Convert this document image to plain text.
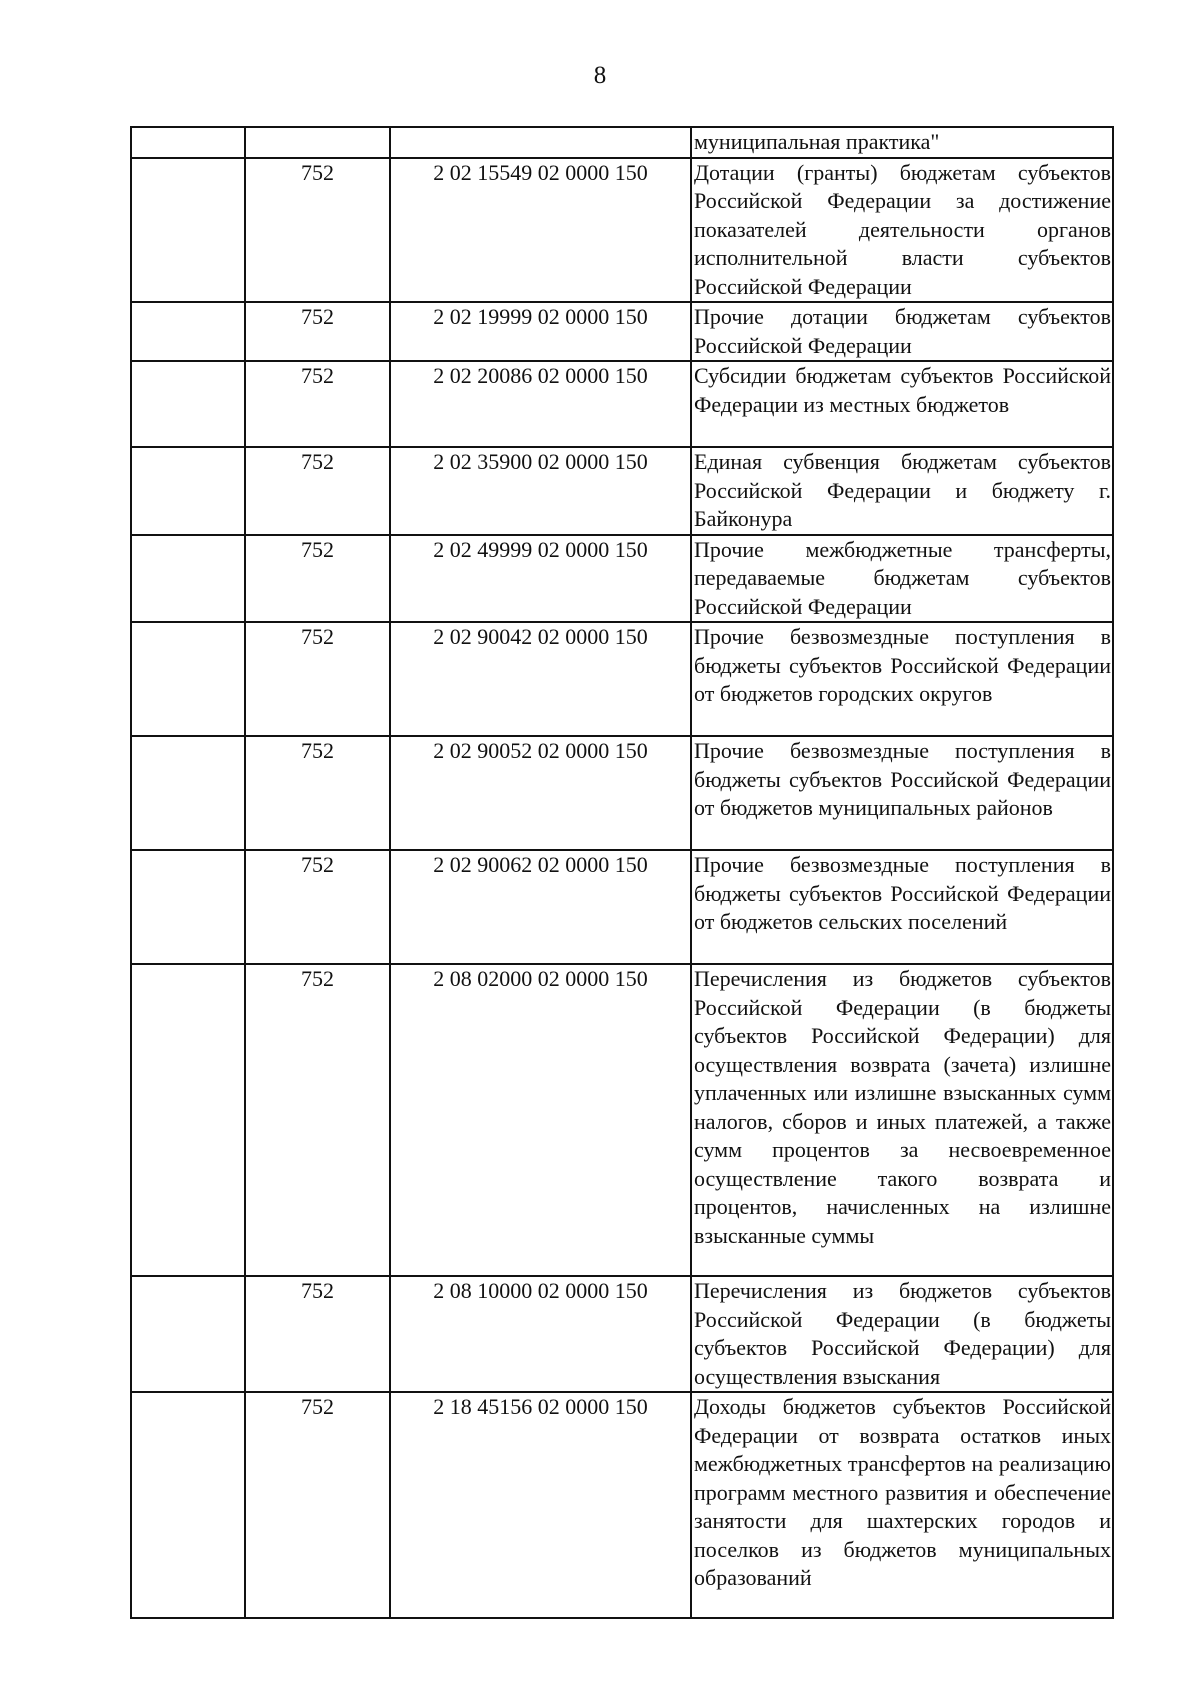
8
			муниципальная практика"
	752	2 02 15549 02 0000 150	Дотации (гранты) бюджетам субъектов Российской Федерации за достижение показателей деятельности органов исполнительной власти субъектов Российской Федерации
	752	2 02 19999 02 0000 150	Прочие дотации бюджетам субъектов Российской Федерации
	752	2 02 20086 02 0000 150	Субсидии бюджетам субъектов Российской Федерации из местных бюджетов
	752	2 02 35900 02 0000 150	Единая субвенция бюджетам субъектов Российской Федерации и бюджету г. Байконура
	752	2 02 49999 02 0000 150	Прочие межбюджетные трансферты, передаваемые бюджетам субъектов Российской Федерации
	752	2 02 90042 02 0000 150	Прочие безвозмездные поступления в бюджеты субъектов Российской Федерации от бюджетов городских округов
	752	2 02 90052 02 0000 150	Прочие безвозмездные поступления в бюджеты субъектов Российской Федерации от бюджетов муниципальных районов
	752	2 02 90062 02 0000 150	Прочие безвозмездные поступления в бюджеты субъектов Российской Федерации от бюджетов сельских поселений
	752	2 08 02000 02 0000 150	Перечисления из бюджетов субъектов Российской Федерации (в бюджеты субъектов Российской Федерации) для осуществления возврата (зачета) излишне уплаченных или излишне взысканных сумм налогов, сборов и иных платежей, а также сумм процентов за несвоевременное осуществление такого возврата и процентов, начисленных на излишне взысканные суммы
	752	2 08 10000 02 0000 150	Перечисления из бюджетов субъектов Российской Федерации (в бюджеты субъектов Российской Федерации) для осуществления взыскания
	752	2 18 45156 02 0000 150	Доходы бюджетов субъектов Российской Федерации от возврата остатков иных межбюджетных трансфертов на реализацию программ местного развития и обеспечение занятости для шахтерских городов и поселков из бюджетов муниципальных образований
